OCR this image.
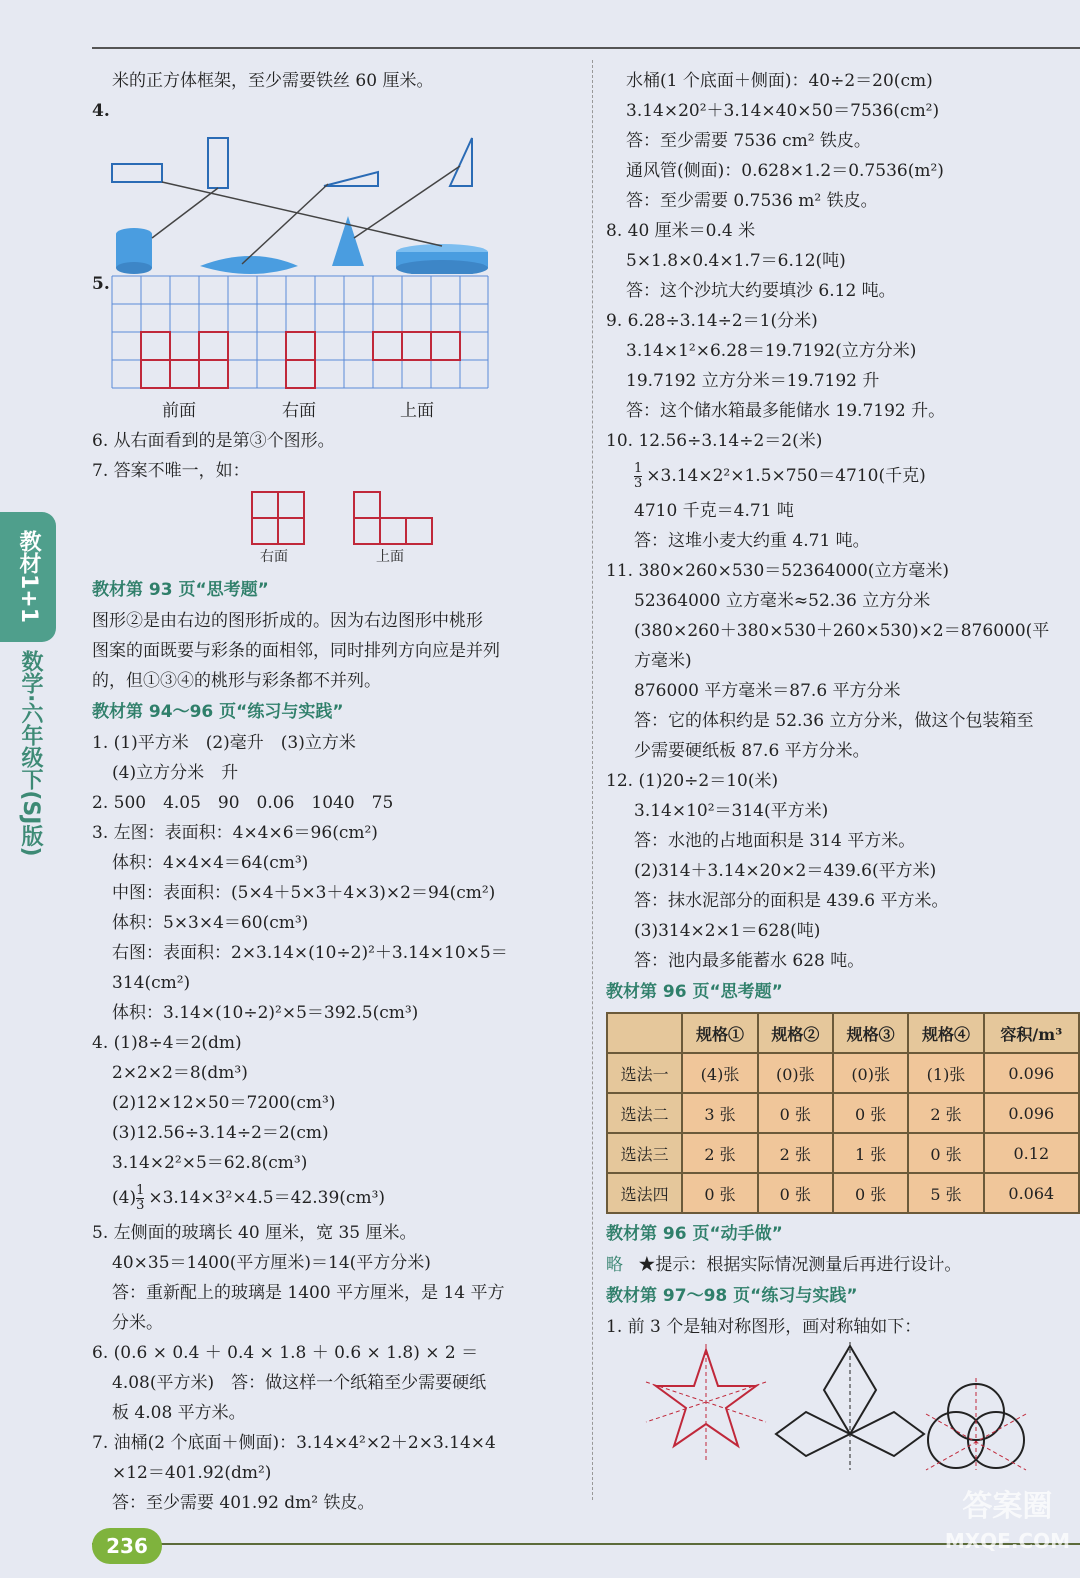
教材1+1
数学·六年级下(SJ版)
米的正方体框架，至少需要铁丝 60 厘米。
4.
5.
前面	右面	上面
6. 从右面看到的是第③个图形。
7. 答案不唯一，如：
右面	上面
教材第 93 页“思考题”
图形②是由右边的图形折成的。因为右边图形中桃形
图案的面既要与彩条的面相邻，同时排列方向应是并列
的，但①③④的桃形与彩条都不并列。
教材第 94～96 页“练习与实践”
1. (1)平方米　(2)毫升　(3)立方米
(4)立方分米　升
2. 500　4.05　90　0.06　1040　75
3. 左图：表面积：4×4×6＝96(cm²)
体积：4×4×4＝64(cm³)
中图：表面积：(5×4＋5×3＋4×3)×2＝94(cm²)
体积：5×3×4＝60(cm³)
右图：表面积：2×3.14×(10÷2)²＋3.14×10×5＝
314(cm²)
体积：3.14×(10÷2)²×5＝392.5(cm³)
4. (1)8÷4＝2(dm)
2×2×2＝8(dm³)
(2)12×12×50＝7200(cm³)
(3)12.56÷3.14÷2＝2(cm)
3.14×2²×5＝62.8(cm³)
$(4) \frac{1}{3} \times 3.14\times 3^2\times 4.5=42.39(cm^3)$
5. 左侧面的玻璃长 40 厘米，宽 35 厘米。
40×35＝1400(平方厘米)＝14(平方分米)
答：重新配上的玻璃是 1400 平方厘米，是 14 平方
分米。
6. (0.6 × 0.4 ＋ 0.4 × 1.8 ＋ 0.6 × 1.8) × 2 ＝
4.08(平方米)　答：做这样一个纸箱至少需要硬纸
板 4.08 平方米。
7. 油桶(2 个底面＋侧面)：3.14×4²×2＋2×3.14×4
×12＝401.92(dm²)
答：至少需要 401.92 dm² 铁皮。
水桶(1 个底面＋侧面)：40÷2＝20(cm)
3.14×20²＋3.14×40×50＝7536(cm²)
答：至少需要 7536 cm² 铁皮。
通风管(侧面)：0.628×1.2＝0.7536(m²)
答：至少需要 0.7536 m² 铁皮。
8. 40 厘米＝0.4 米
5×1.8×0.4×1.7＝6.12(吨)
答：这个沙坑大约要填沙 6.12 吨。
9. 6.28÷3.14÷2＝1(分米)
3.14×1²×6.28＝19.7192(立方分米)
19.7192 立方分米＝19.7192 升
答：这个储水箱最多能储水 19.7192 升。
10. 12.56÷3.14÷2＝2(米)
$\frac{1}{3} \times 3.14\times 2^2\times 1.5\times 750=4710$(千克)
4710 千克＝4.71 吨
答：这堆小麦大约重 4.71 吨。
11. 380×260×530＝52364000(立方毫米)
52364000 立方毫米≈52.36 立方分米
(380×260＋380×530＋260×530)×2＝876000(平
方毫米)
876000 平方毫米＝87.6 平方分米
答：它的体积约是 52.36 立方分米，做这个包装箱至
少需要硬纸板 87.6 平方分米。
12. (1)20÷2＝10(米)
3.14×10²＝314(平方米)
答：水池的占地面积是 314 平方米。
(2)314＋3.14×20×2＝439.6(平方米)
答：抹水泥部分的面积是 439.6 平方米。
(3)314×2×1＝628(吨)
答：池内最多能蓄水 628 吨。
教材第 96 页“思考题”
	规格①	规格②	规格③	规格④	容积/m³
选法一	(4)张	(0)张	(0)张	(1)张	0.096
选法二	3 张	0 张	0 张	2 张	0.096
选法三	2 张	2 张	1 张	0 张	0.12
选法四	0 张	0 张	0 张	5 张	0.064
教材第 96 页“动手做”
略 ★提示：根据实际情况测量后再进行设计。
教材第 97～98 页“练习与实践”
1. 前 3 个是轴对称图形，画对称轴如下：
236
答案圈
MXQE.COM
